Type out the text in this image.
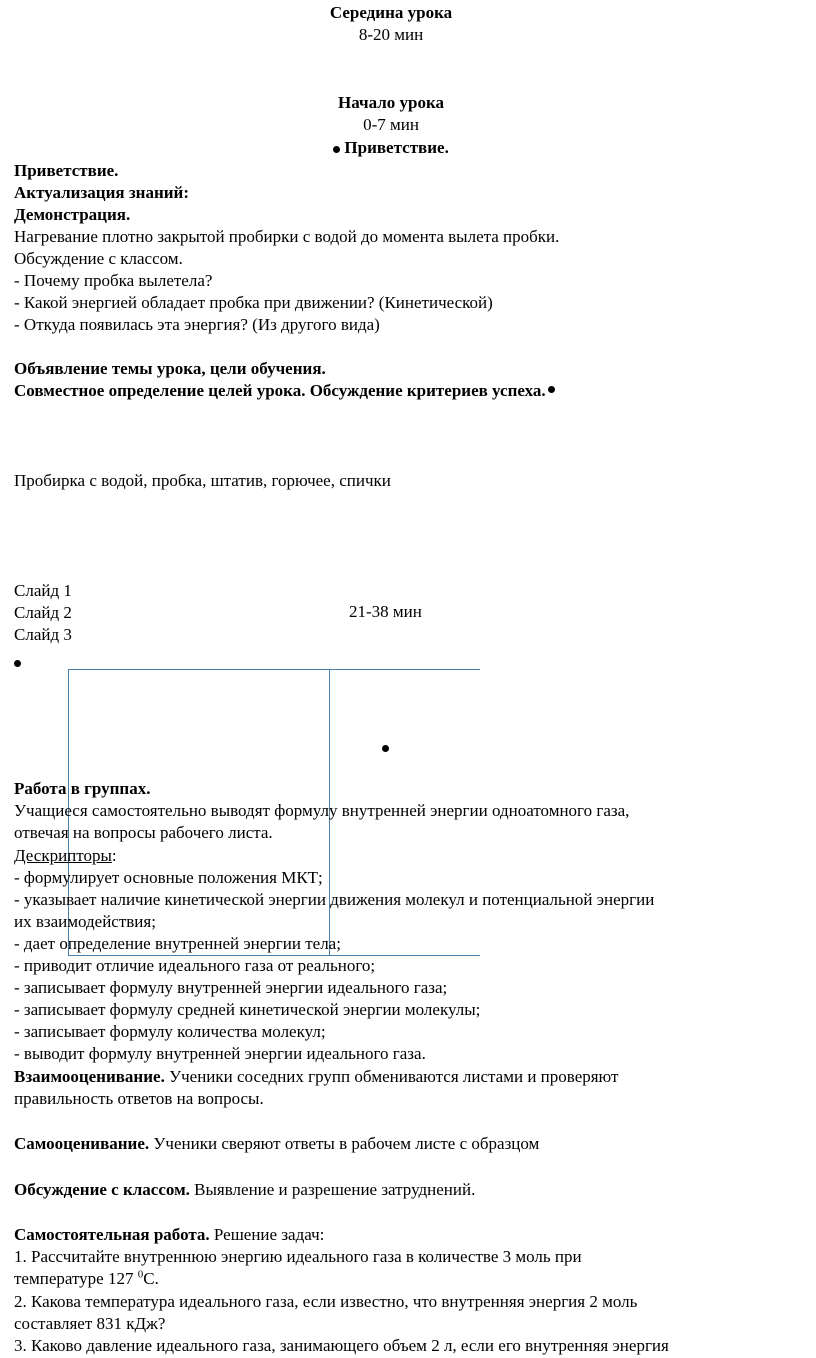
Середина урока
8-20 мин
Начало урока
0-7 мин
Приветствие.
Приветствие.
Актуализация знаний:
Демонстрация.
Нагревание плотно закрытой пробирки с водой до момента вылета пробки.
Обсуждение с классом.
- Почему пробка вылетела?
- Какой энергией обладает пробка при движении? (Кинетической)
- Откуда появилась эта энергия? (Из другого вида)
Объявление темы урока, цели обучения.
Совместное определение целей урока. Обсуждение критериев успеха.
Пробирка с водой, пробка, штатив, горючее, спички
Слайд 1
Слайд 2
Слайд 3
21-38 мин
Работа в группах.
Учащиеся самостоятельно выводят формулу внутренней энергии одноатомного газа,
отвечая на вопросы рабочего листа.
Дескрипторы:
- формулирует основные положения МКТ;
- указывает наличие кинетической энергии движения молекул и потенциальной энергии
их взаимодействия;
- дает определение внутренней энергии тела;
- приводит отличие идеального газа от реального;
- записывает формулу внутренней энергии идеального газа;
- записывает формулу средней кинетической энергии молекулы;
- записывает формулу количества молекул;
- выводит формулу внутренней энергии идеального газа.
Взаимооценивание. Ученики соседних групп обмениваются листами и проверяют
правильность ответов на вопросы.
Самооценивание. Ученики сверяют ответы в рабочем листе с образцом
Обсуждение с классом. Выявление и разрешение затруднений.
Самостоятельная работа. Решение задач:
1. Рассчитайте внутреннюю энергию идеального газа в количестве 3 моль при
температуре 127 $^0$С.
2. Какова температура идеального газа, если известно, что внутренняя энергия 2 моль
составляет 831 кДж?
3. Каково давление идеального газа, занимающего объем 2 л, если его внутренняя энергия
